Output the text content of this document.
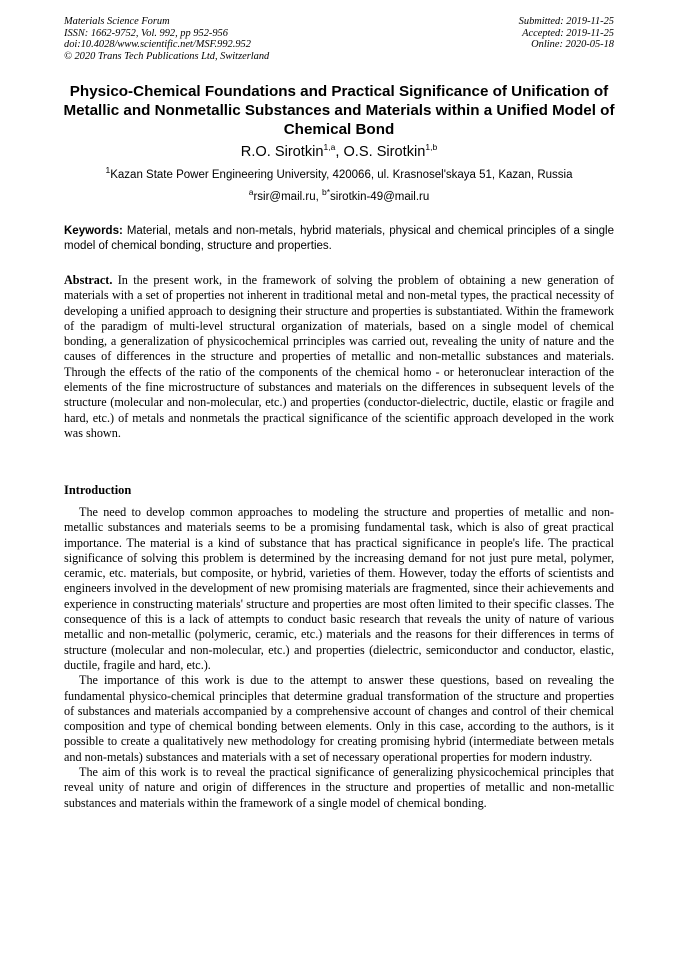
Materials Science Forum
ISSN: 1662-9752, Vol. 992, pp 952-956
doi:10.4028/www.scientific.net/MSF.992.952
© 2020 Trans Tech Publications Ltd, Switzerland
Submitted: 2019-11-25
Accepted: 2019-11-25
Online: 2020-05-18
Physico-Chemical Foundations and Practical Significance of Unification of Metallic and Nonmetallic Substances and Materials within a Unified Model of Chemical Bond
R.O. Sirotkin$^{1,a}$, O.S. Sirotkin$^{1,b}$
$^1$Kazan State Power Engineering University, 420066, ul. Krasnosel'skaya 51, Kazan, Russia
$^a$rsir@mail.ru, $^{b*}$sirotkin-49@mail.ru
Keywords: Material, metals and non-metals, hybrid materials, physical and chemical principles of a single model of chemical bonding, structure and properties.
Abstract. In the present work, in the framework of solving the problem of obtaining a new generation of materials with a set of properties not inherent in traditional metal and non-metal types, the practical necessity of developing a unified approach to designing their structure and properties is substantiated. Within the framework of the paradigm of multi-level structural organization of materials, based on a single model of chemical bonding, a generalization of physicochemical prrinciples was carried out, revealing the unity of nature and the causes of differences in the structure and properties of metallic and non-metallic substances and materials. Through the effects of the ratio of the components of the chemical homo - or heteronuclear interaction of the elements of the fine microstructure of substances and materials on the differences in subsequent levels of the structure (molecular and non-molecular, etc.) and properties (conductor-dielectric, ductile, elastic or fragile and hard, etc.) of metals and nonmetals the practical significance of the scientific approach developed in the work was shown.
Introduction

The need to develop common approaches to modeling the structure and properties of metallic and non-metallic substances and materials seems to be a promising fundamental task, which is also of great practical importance. The material is a kind of substance that has practical significance in people's life. The practical significance of solving this problem is determined by the increasing demand for not just pure metal, polymer, ceramic, etc. materials, but composite, or hybrid, varieties of them. However, today the efforts of scientists and engineers involved in the development of new promising materials are fragmented, since their achievements and experience in constructing materials' structure and properties are most often limited to their specific classes. The consequence of this is a lack of attempts to conduct basic research that reveals the unity of nature of various metallic and non-metallic (polymeric, ceramic, etc.) materials and the reasons for their differences in terms of structure (molecular and non-molecular, etc.) and properties (dielectric, semiconductor and conductor, elastic, ductile, fragile and hard, etc.).

The importance of this work is due to the attempt to answer these questions, based on revealing the fundamental physico-chemical principles that determine gradual transformation of the structure and properties of substances and materials accompanied by a comprehensive account of changes and control of their chemical composition and type of chemical bonding between elements. Only in this case, according to the authors, is it possible to create a qualitatively new methodology for creating promising hybrid (intermediate between metals and non-metals) substances and materials with a set of necessary operational properties for modern industry.

The aim of this work is to reveal the practical significance of generalizing physicochemical principles that reveal unity of nature and origin of differences in the structure and properties of metallic and non-metallic substances and materials within the framework of a single model of chemical bonding.
